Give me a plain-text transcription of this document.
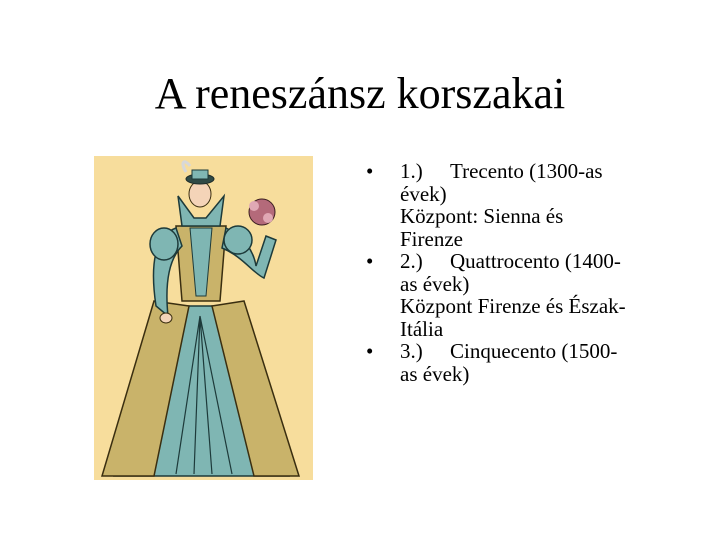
A reneszánsz korszakai
•	1.) Trecento (1300-as
évek)
Központ: Sienna és
Firenze
•	2.) Quattrocento (1400-
as évek)
Központ Firenze és Észak-
Itália
•	3.) Cinquecento (1500-
as évek)
